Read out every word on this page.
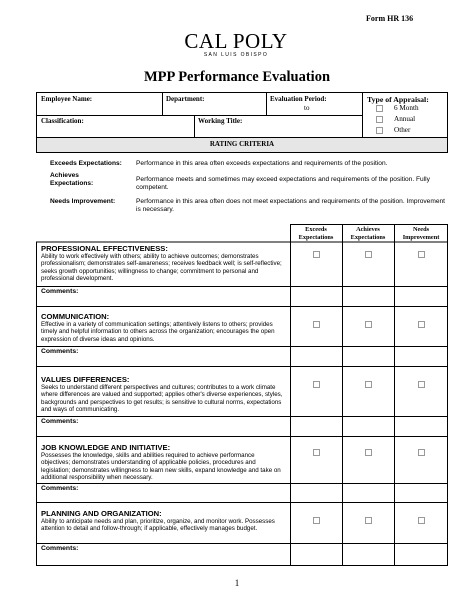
Form HR 136
CAL POLY
SAN LUIS OBISPO
MPP Performance Evaluation
Employee Name:	Department:	Evaluation Period:
to
Classification:	Working Title:
Type of Appraisal:
6 Month
Annual
Other
RATING CRITERIA
Exceeds Expectations: Performance in this area often exceeds expectations and requirements of the position.
Achieves Expectations:
Performance meets and sometimes may exceed expectations and requirements of the position. Fully competent.
Needs Improvement:	Performance in this area often does not meet expectations and requirements of the position. Improvement is necessary.
Exceeds Expectations
Achieves Expectations
Needs Improvement
PROFESSIONAL EFFECTIVENESS:
Ability to work effectively with others; ability to achieve outcomes; demonstrates professionalism; demonstrates self-awareness; receives feedback well; is self-reflective; seeks growth opportunities; willingness to change; commitment to personal and professional development.
Comments:
COMMUNICATION:
Effective in a variety of communication settings; attentively listens to others; provides timely and helpful information to others across the organization; encourages the open expression of diverse ideas and opinions.
Comments:
VALUES DIFFERENCES:
Seeks to understand different perspectives and cultures; contributes to a work climate where differences are valued and supported; applies other's diverse experiences, styles, backgrounds and perspectives to get results; is sensitive to cultural norms, expectations and ways of communicating.
Comments:
JOB KNOWLEDGE AND INITIATIVE:
Possesses the knowledge, skills and abilities required to achieve performance objectives; demonstrates understanding of applicable policies, procedures and legislation; demonstrates willingness to learn new skills, expand knowledge and take on additional responsibility when necessary.
Comments:
PLANNING AND ORGANIZATION:
Ability to anticipate needs and plan, prioritize, organize, and monitor work. Possesses attention to detail and follow-through; if applicable, effectively manages budget.
Comments:
1
